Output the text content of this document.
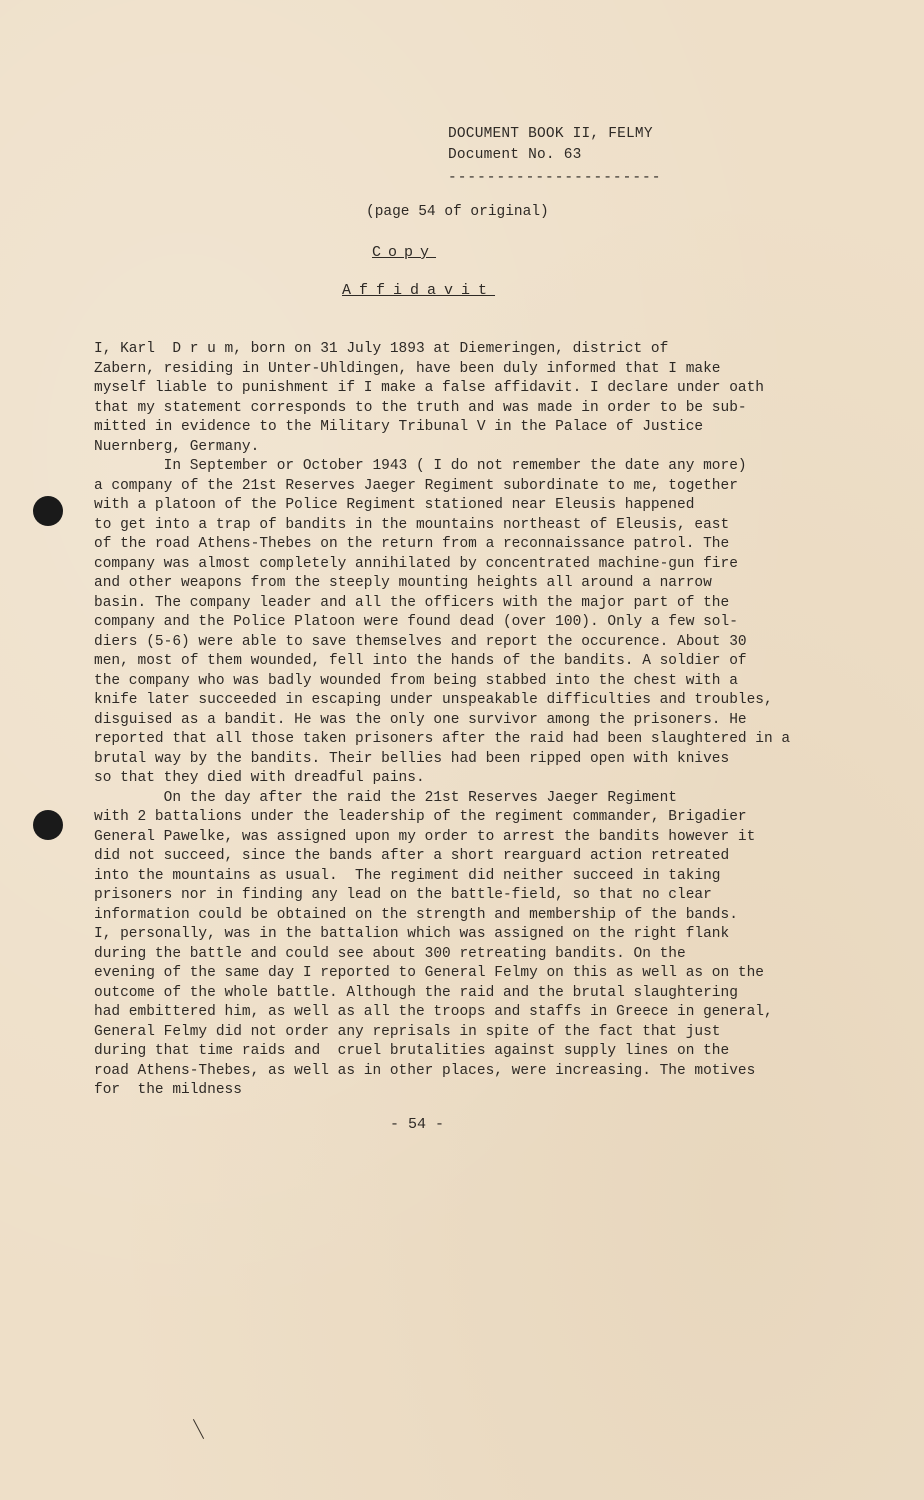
DOCUMENT BOOK II, FELMY
Document No. 63
----------------------
(page 54 of original)
Copy
Affidavit
I, Karl  D r u m, born on 31 July 1893 at Diemeringen, district of
Zabern, residing in Unter-Uhldingen, have been duly informed that I make
myself liable to punishment if I make a false affidavit. I declare under oath
that my statement corresponds to the truth and was made in order to be sub-
mitted in evidence to the Military Tribunal V in the Palace of Justice
Nuernberg, Germany.
In September or October 1943 ( I do not remember the date any more)
a company of the 21st Reserves Jaeger Regiment subordinate to me, together
with a platoon of the Police Regiment stationed near Eleusis happened
to get into a trap of bandits in the mountains northeast of Eleusis, east
of the road Athens-Thebes on the return from a reconnaissance patrol. The
company was almost completely annihilated by concentrated machine-gun fire
and other weapons from the steeply mounting heights all around a narrow
basin. The company leader and all the officers with the major part of the
company and the Police Platoon were found dead (over 100). Only a few sol-
diers (5-6) were able to save themselves and report the occurence. About 30
men, most of them wounded, fell into the hands of the bandits. A soldier of
the company who was badly wounded from being stabbed into the chest with a
knife later succeeded in escaping under unspeakable difficulties and troubles,
disguised as a bandit. He was the only one survivor among the prisoners. He
reported that all those taken prisoners after the raid had been slaughtered in a
brutal way by the bandits. Their bellies had been ripped open with knives
so that they died with dreadful pains.
On the day after the raid the 21st Reserves Jaeger Regiment
with 2 battalions under the leadership of the regiment commander, Brigadier
General Pawelke, was assigned upon my order to arrest the bandits however it
did not succeed, since the bands after a short rearguard action retreated
into the mountains as usual.  The regiment did neither succeed in taking
prisoners nor in finding any lead on the battle-field, so that no clear
information could be obtained on the strength and membership of the bands.
I, personally, was in the battalion which was assigned on the right flank
during the battle and could see about 300 retreating bandits. On the
evening of the same day I reported to General Felmy on this as well as on the
outcome of the whole battle. Although the raid and the brutal slaughtering
had embittered him, as well as all the troops and staffs in Greece in general,
General Felmy did not order any reprisals in spite of the fact that just
during that time raids and  cruel brutalities against supply lines on the
road Athens-Thebes, as well as in other places, were increasing. The motives
for  the mildness
- 54 -
